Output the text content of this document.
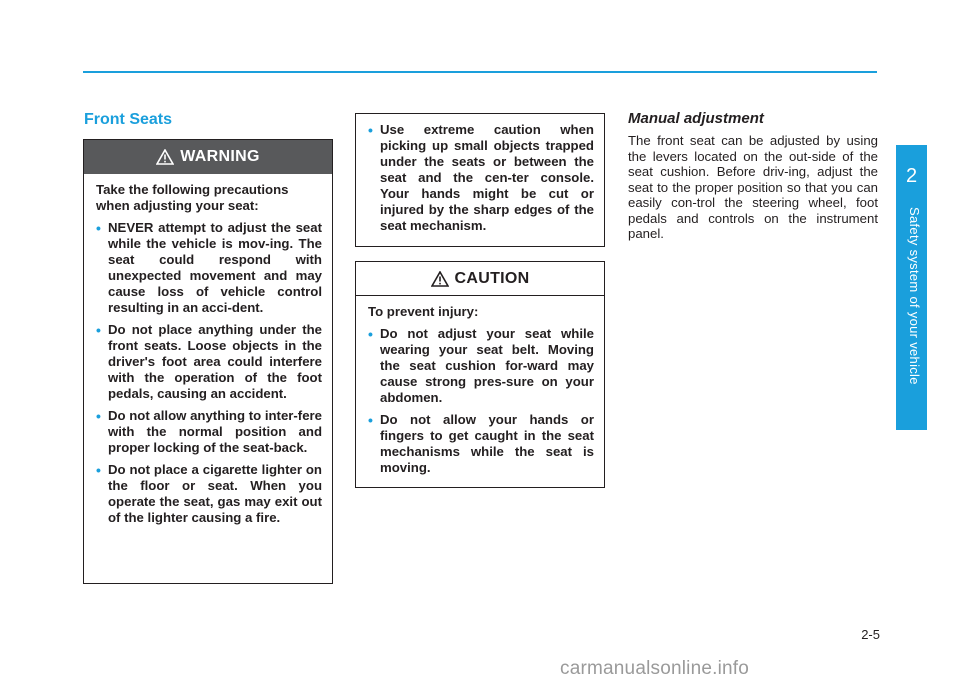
2
Safety system of your vehicle
Front Seats
WARNING

Take the following precautions when adjusting your seat:

• NEVER attempt to adjust the seat while the vehicle is mov-ing. The seat could respond with unexpected movement and may cause loss of vehicle control resulting in an acci-dent.
• Do not place anything under the front seats. Loose objects in the driver's foot area could interfere with the operation of the foot pedals, causing an accident.
• Do not allow anything to inter-fere with the normal position and proper locking of the seat-back.
• Do not place a cigarette lighter on the floor or seat. When you operate the seat, gas may exit out of the lighter causing a fire.
• Use extreme caution when picking up small objects trapped under the seats or between the seat and the cen-ter console. Your hands might be cut or injured by the sharp edges of the seat mechanism.
CAUTION

To prevent injury:

• Do not adjust your seat while wearing your seat belt. Moving the seat cushion for-ward may cause strong pres-sure on your abdomen.
• Do not allow your hands or fingers to get caught in the seat mechanisms while the seat is moving.
Manual adjustment

The front seat can be adjusted by using the levers located on the out-side of the seat cushion. Before driv-ing, adjust the seat to the proper position so that you can easily con-trol the steering wheel, foot pedals and controls on the instrument panel.

2-5
carmanualsonline.info
